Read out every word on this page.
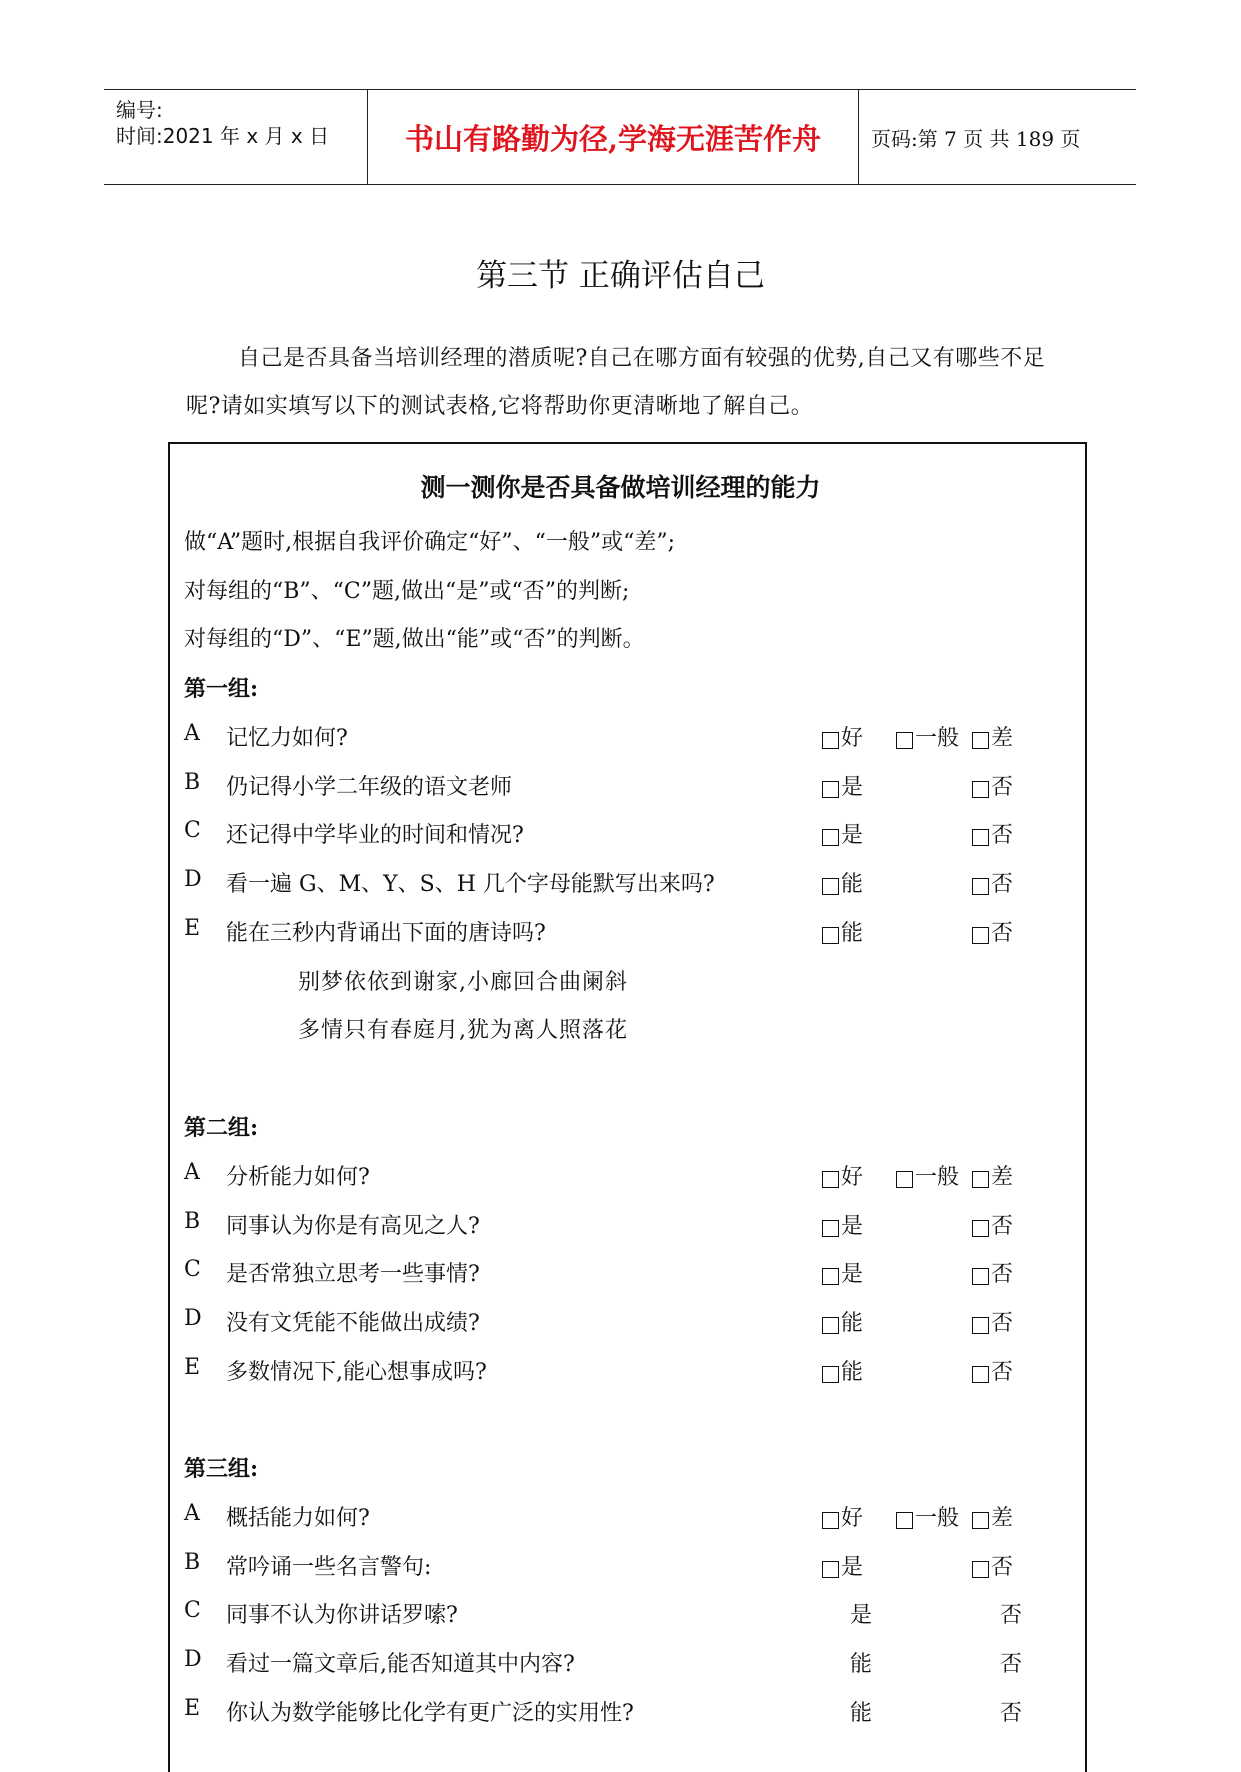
编号:
时间:2021 年 x 月 x 日	书山有路勤为径,学海无涯苦作舟	页码:第 7 页 共 189 页
第三节 正确评估自己
自己是否具备当培训经理的潜质呢?自己在哪方面有较强的优势,自己又有哪些不足呢?请如实填写以下的测试表格,它将帮助你更清晰地了解自己。
测一测你是否具备做培训经理的能力
做“A”题时,根据自我评价确定“好”、“一般”或“差”;
对每组的“B”、“C”题,做出“是”或“否”的判断;
对每组的“D”、“E”题,做出“能”或“否”的判断。
第一组:
A 记忆力如何?	好	一般	差
B 仍记得小学二年级的语文老师	是	否
C 还记得中学毕业的时间和情况?	是	否
D 看一遍 G、M、Y、S、H 几个字母能默写出来吗?	能	否
E 能在三秒内背诵出下面的唐诗吗?	能	否
别梦依依到谢家,小廊回合曲阑斜
多情只有春庭月,犹为离人照落花
第二组:
A 分析能力如何?	好	一般	差
B 同事认为你是有高见之人?	是	否
C 是否常独立思考一些事情?	是	否
D 没有文凭能不能做出成绩?	能	否
E 多数情况下,能心想事成吗?	能	否
第三组:
A 概括能力如何?	好	一般	差
B 常吟诵一些名言警句:	是	否
C 同事不认为你讲话罗嗦?	是	否
D 看过一篇文章后,能否知道其中内容?	能	否
E 你认为数学能够比化学有更广泛的实用性?	能	否
